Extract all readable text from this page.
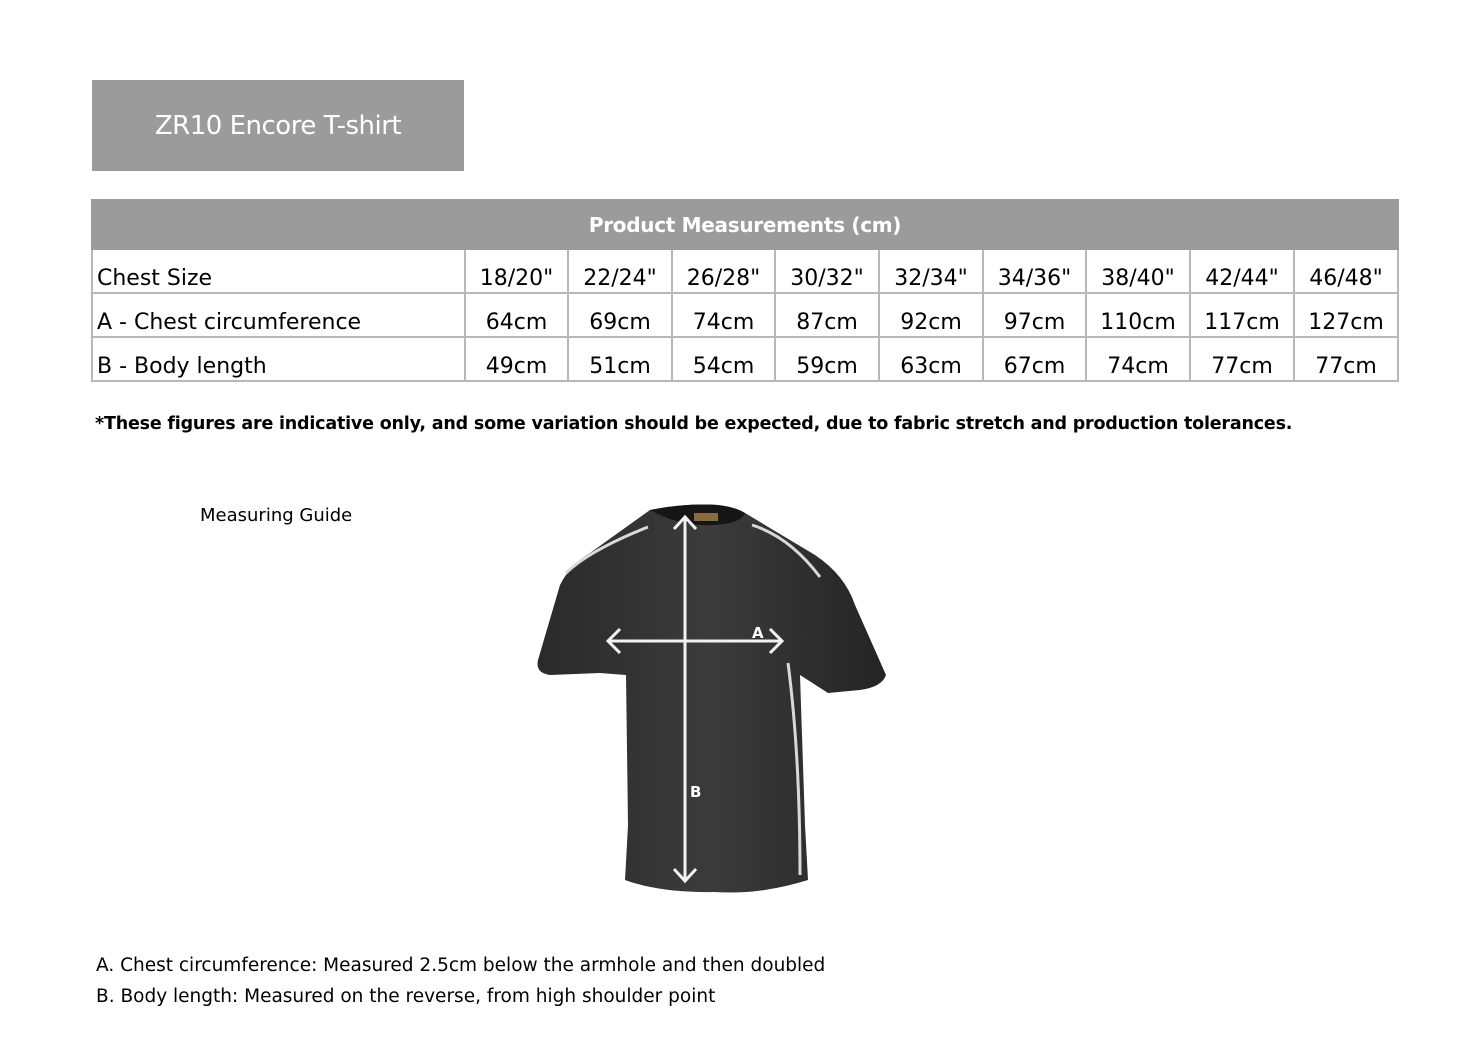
ZR10 Encore T-shirt
Product Measurements (cm)									
Chest Size	18/20"	22/24"	26/28"	30/32"	32/34"	34/36"	38/40"	42/44"	46/48"
A - Chest circumference	64cm	69cm	74cm	87cm	92cm	97cm	110cm	117cm	127cm
B - Body length	49cm	51cm	54cm	59cm	63cm	67cm	74cm	77cm	77cm
*These figures are indicative only, and some variation should be expected, due to fabric stretch and production tolerances.
Measuring Guide
A
B
A. Chest circumference: Measured 2.5cm below the armhole and then doubled
B. Body length: Measured on the reverse, from high shoulder point
